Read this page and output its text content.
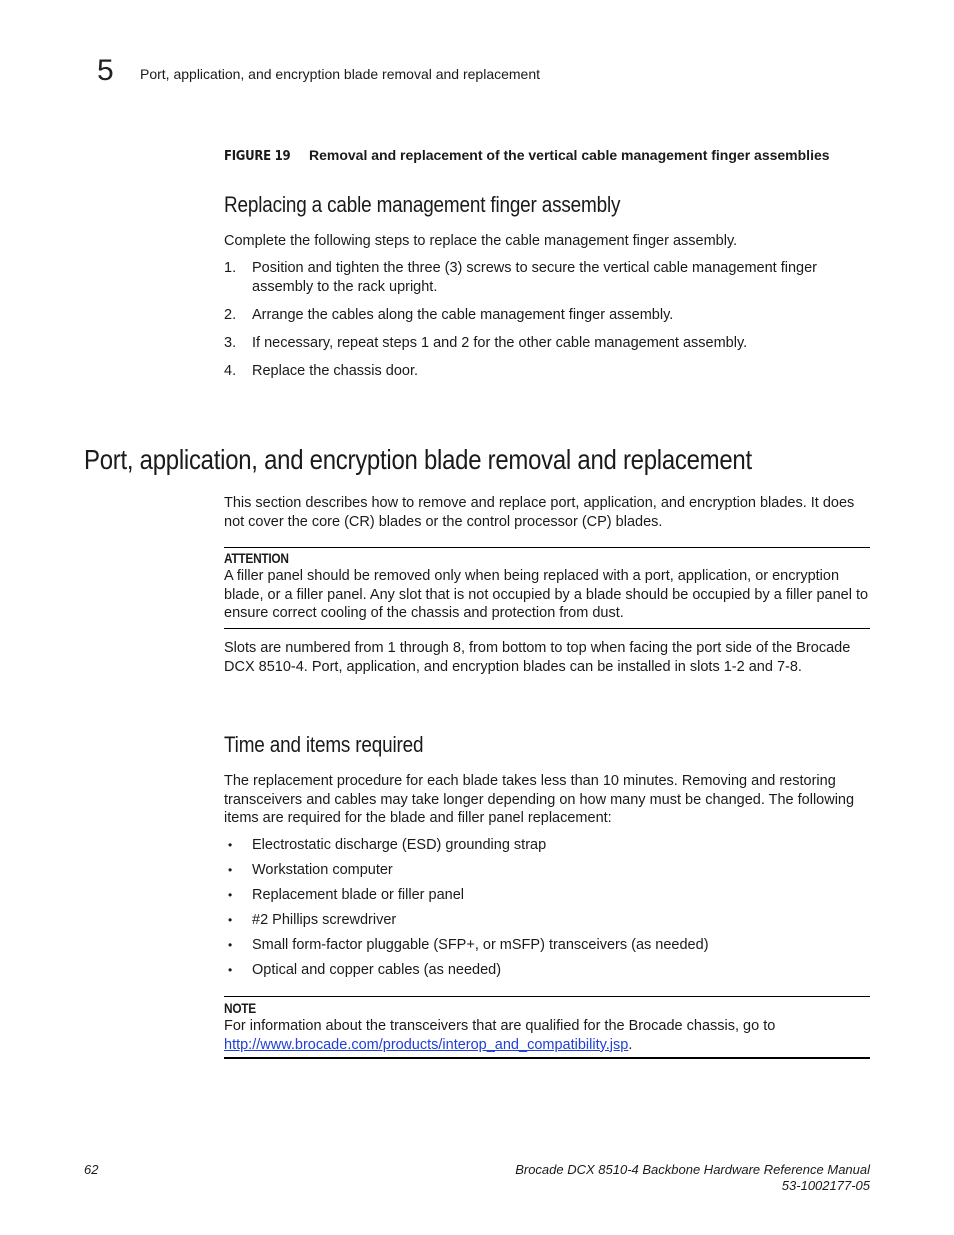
5 Port, application, and encryption blade removal and replacement
FIGURE 19 Removal and replacement of the vertical cable management finger assemblies
Replacing a cable management finger assembly
Complete the following steps to replace the cable management finger assembly.
1. Position and tighten the three (3) screws to secure the vertical cable management finger assembly to the rack upright.
2. Arrange the cables along the cable management finger assembly.
3. If necessary, repeat steps 1 and 2 for the other cable management assembly.
4. Replace the chassis door.
Port, application, and encryption blade removal and replacement
This section describes how to remove and replace port, application, and encryption blades. It does not cover the core (CR) blades or the control processor (CP) blades.
ATTENTION
A filler panel should be removed only when being replaced with a port, application, or encryption blade, or a filler panel. Any slot that is not occupied by a blade should be occupied by a filler panel to ensure correct cooling of the chassis and protection from dust.
Slots are numbered from 1 through 8, from bottom to top when facing the port side of the Brocade DCX 8510-4. Port, application, and encryption blades can be installed in slots 1-2 and 7-8.
Time and items required
The replacement procedure for each blade takes less than 10 minutes. Removing and restoring transceivers and cables may take longer depending on how many must be changed. The following items are required for the blade and filler panel replacement:
• Electrostatic discharge (ESD) grounding strap
• Workstation computer
• Replacement blade or filler panel
• #2 Phillips screwdriver
• Small form-factor pluggable (SFP+, or mSFP) transceivers (as needed)
• Optical and copper cables (as needed)
NOTE
For information about the transceivers that are qualified for the Brocade chassis, go to
http://www.brocade.com/products/interop_and_compatibility.jsp.
62	Brocade DCX 8510-4 Backbone Hardware Reference Manual
53-1002177-05
